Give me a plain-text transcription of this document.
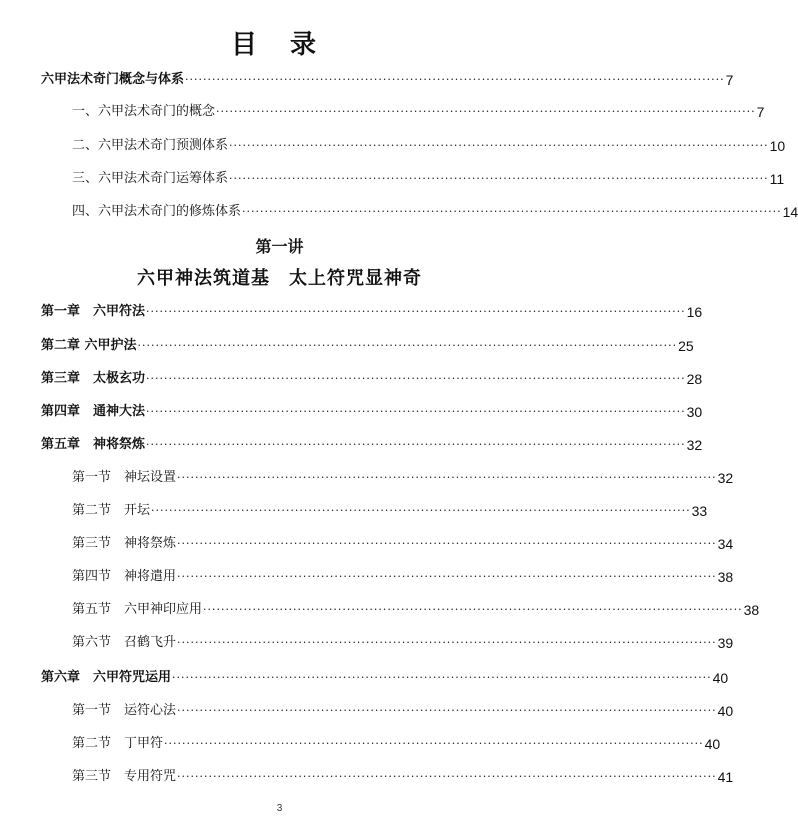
目 录
六甲法术奇门概念与体系 ························································································································ 7
一、六甲法术奇门的概念 ························································································································ 7
二、六甲法术奇门预测体系 ························································································································ 10
三、六甲法术奇门运筹体系 ························································································································ 11
四、六甲法术奇门的修炼体系 ························································································································ 14
第一讲
六甲神法筑道基　太上符咒显神奇
第一章　六甲符法 ························································································································ 16
第二章 六甲护法 ························································································································ 25
第三章　太极玄功 ························································································································ 28
第四章　通神大法 ························································································································ 30
第五章　神将祭炼 ························································································································ 32
第一节　神坛设置 ························································································································ 32
第二节　开坛 ························································································································ 33
第三节　神将祭炼 ························································································································ 34
第四节　神将遣用 ························································································································ 38
第五节　六甲神印应用 ························································································································ 38
第六节　召鹤飞升 ························································································································ 39
第六章　六甲符咒运用 ························································································································ 40
第一节　运符心法 ························································································································ 40
第二节　丁甲符 ························································································································ 40
第三节　专用符咒 ························································································································ 41
3
